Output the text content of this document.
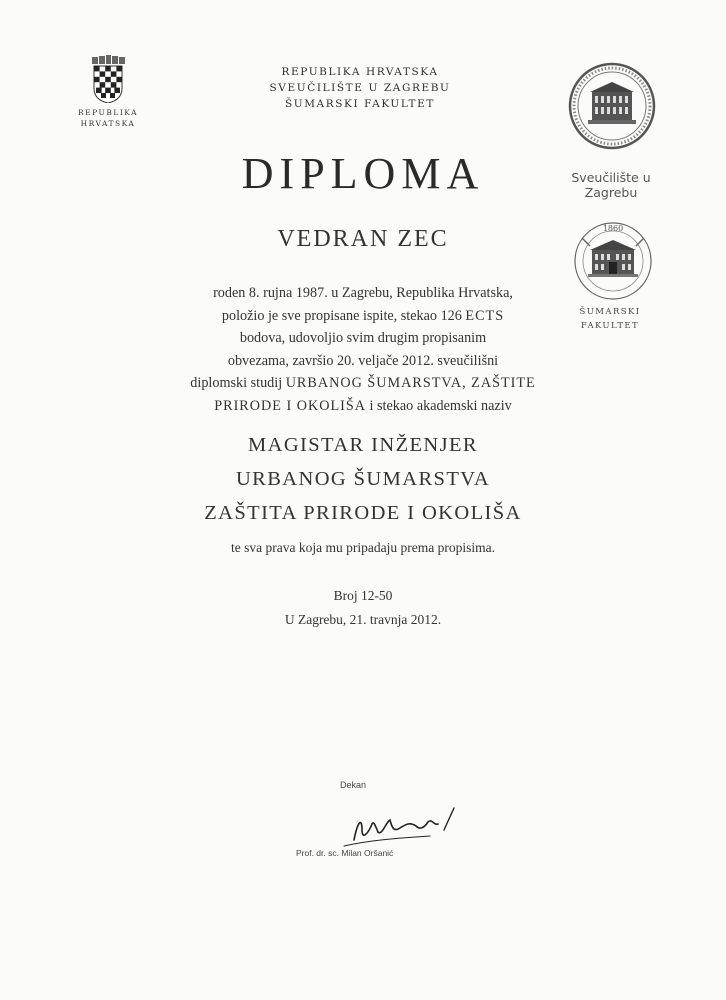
REPUBLIKA
HRVATSKA
REPUBLIKA HRVATSKA
SVEUČILIŠTE U ZAGREBU
ŠUMARSKI FAKULTET
DIPLOMA
VEDRAN ZEC
roden 8. rujna 1987. u Zagrebu, Republika Hrvatska,
položio je sve propisane ispite, stekao 126 ECTS
bodova, udovoljio svim drugim propisanim
obvezama, završio 20. veljače 2012. sveučilišni
diplomski studij URBANOG ŠUMARSTVA, ZAŠTITE
PRIRODE I OKOLIŠA i stekao akademski naziv
MAGISTAR INŽENJER
URBANOG ŠUMARSTVA
ZAŠTITA PRIRODE I OKOLIŠA
te sva prava koja mu pripadaju prema propisima.
Broj 12-50
U Zagrebu, 21. travnja 2012.
Dekan
Prof. dr. sc. Milan Oršanić
Sveučilište u
Zagrebu
1860
ŠUMARSKI
FAKULTET
